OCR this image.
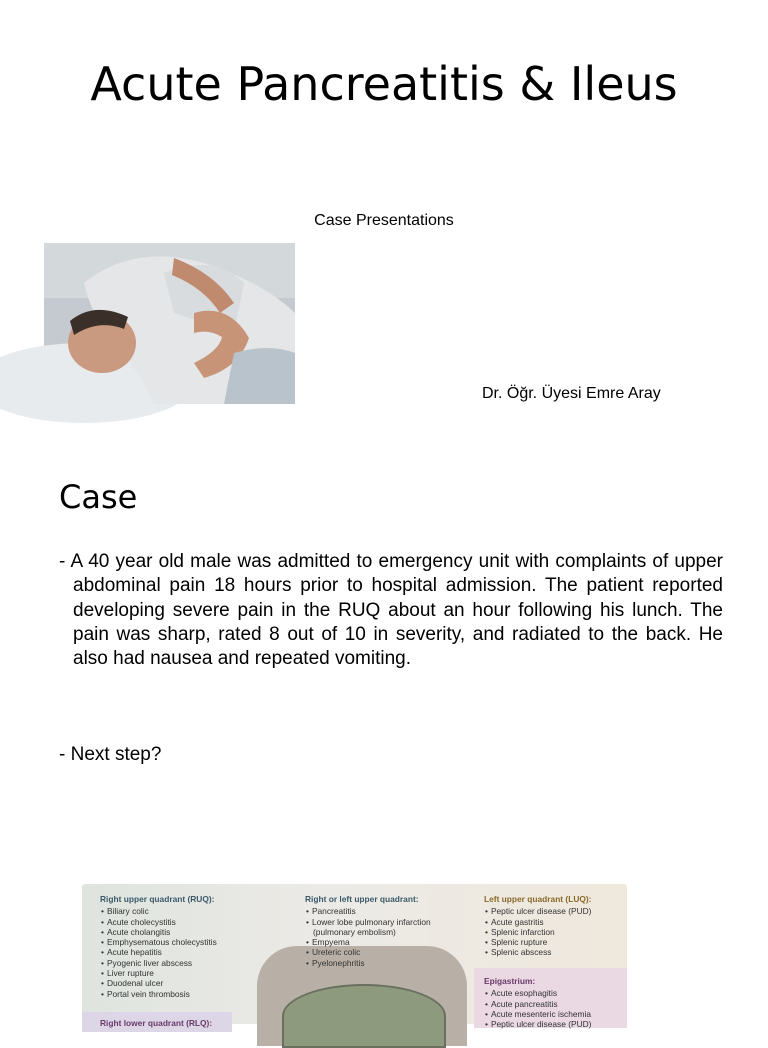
Acute Pancreatitis & Ileus
Case Presentations
Dr. Öğr. Üyesi Emre Aray
Case
- A 40 year old male was admitted to emergency unit with complaints of upper abdominal pain 18 hours prior to hospital admission. The patient reported developing severe pain in the RUQ about an hour following his lunch. The pain was sharp, rated 8 out of 10 in severity, and radiated to the back. He also had nausea and repeated vomiting.
- Next step?
Right upper quadrant (RUQ):
• Biliary colic
• Acute cholecystitis
• Acute cholangitis
• Emphysematous cholecystitis
• Acute hepatitis
• Pyogenic liver abscess
• Liver rupture
• Duodenal ulcer
• Portal vein thrombosis
Right lower quadrant (RLQ):
Right or left upper quadrant:
• Pancreatitis
• Lower lobe pulmonary infarction (pulmonary embolism)
• Empyema
• Ureteric colic
• Pyelonephritis
Left upper quadrant (LUQ):
• Peptic ulcer disease (PUD)
• Acute gastritis
• Splenic infarction
• Splenic rupture
• Splenic abscess
Epigastrium:
• Acute esophagitis
• Acute pancreatitis
• Acute mesenteric ischemia
• Peptic ulcer disease (PUD)
